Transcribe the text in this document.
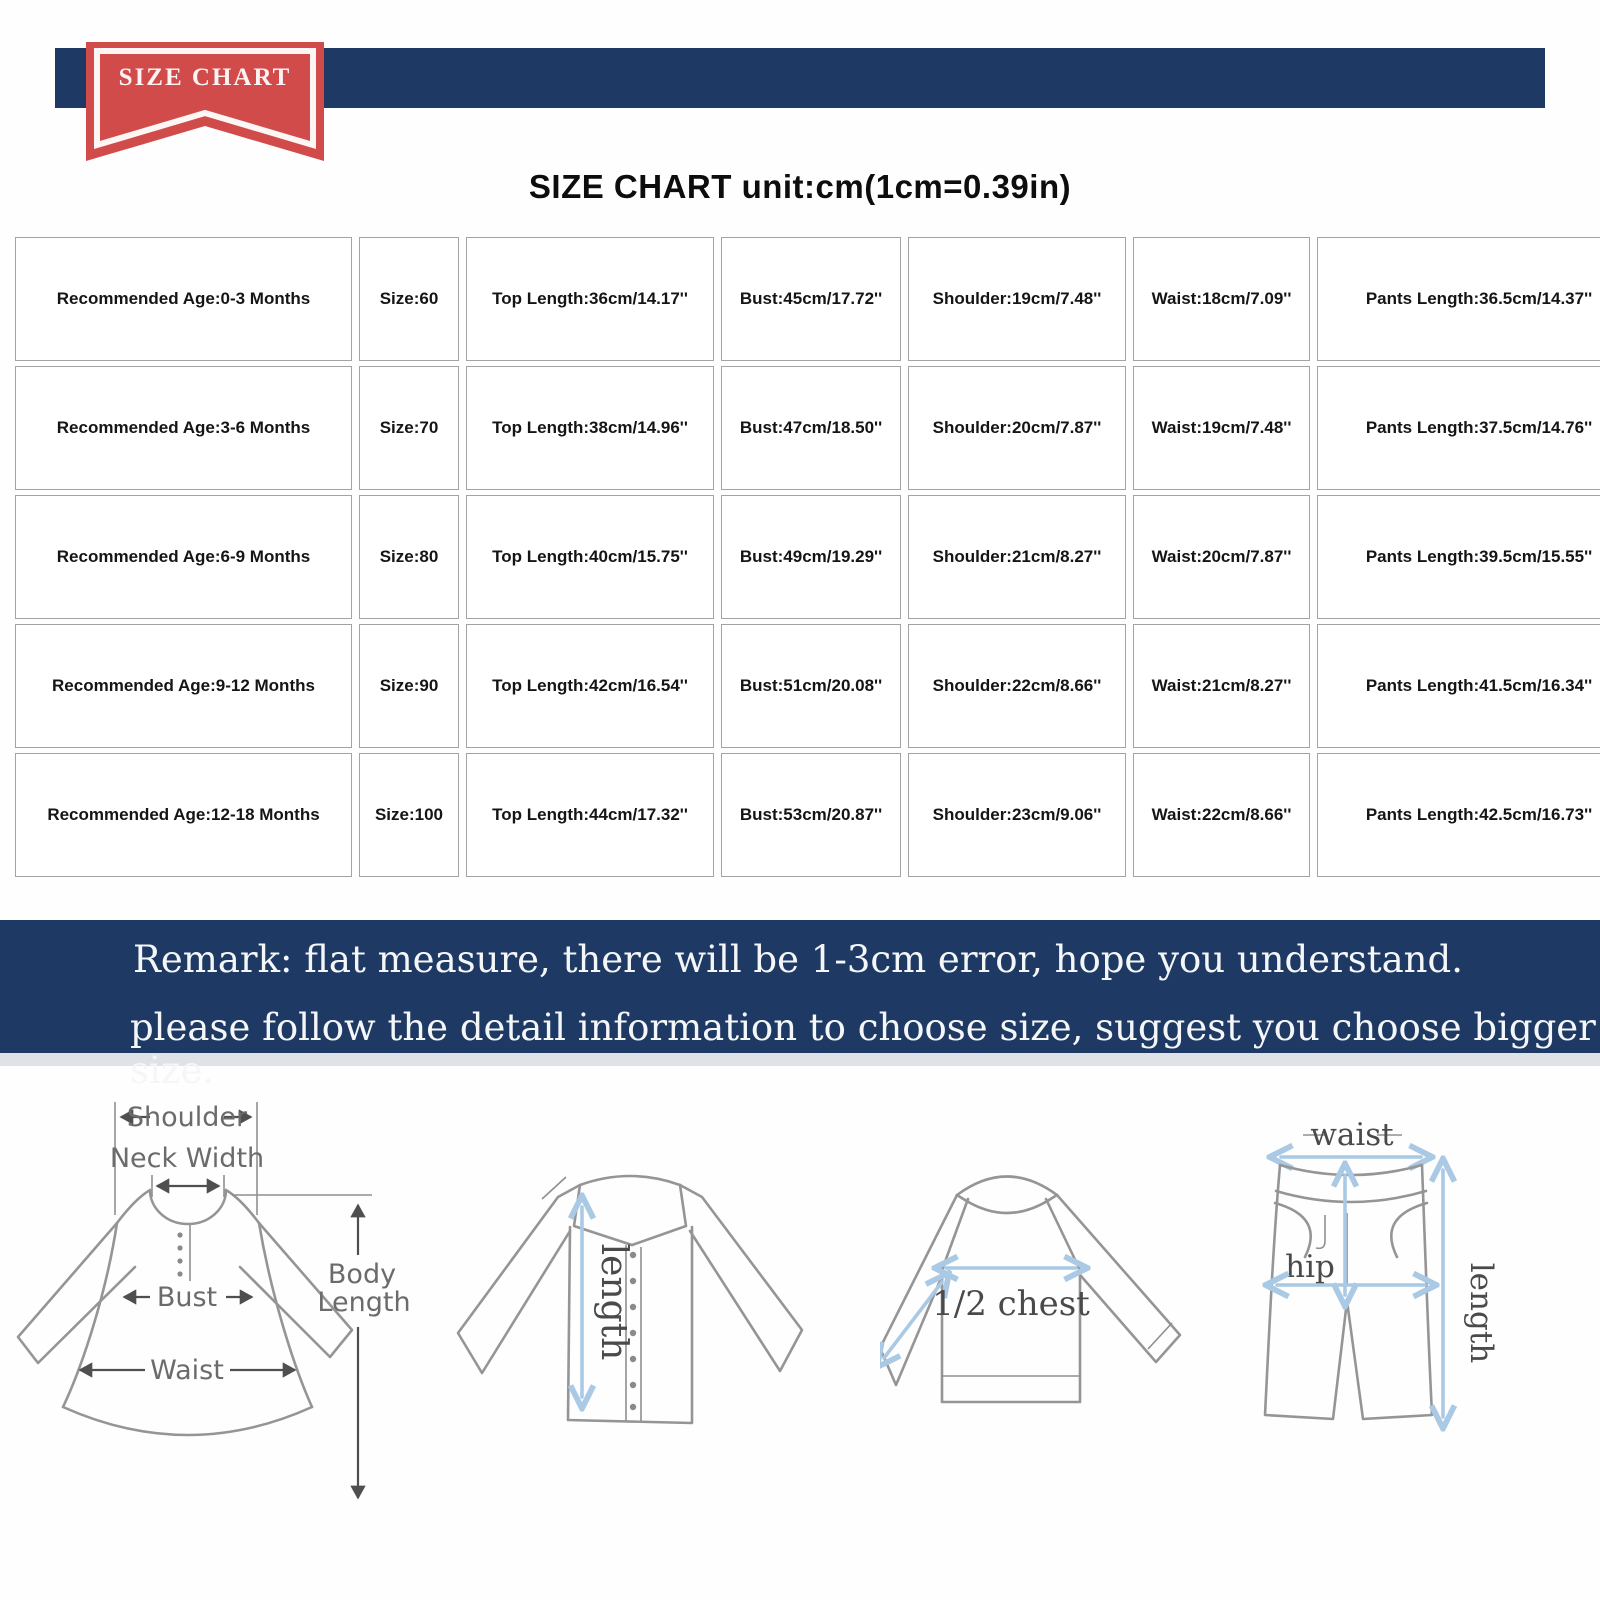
SIZE CHART
SIZE CHART unit:cm(1cm=0.39in)
Recommended Age:0-3 Months	Size:60	Top Length:36cm/14.17''	Bust:45cm/17.72''	Shoulder:19cm/7.48''	Waist:18cm/7.09''	Pants Length:36.5cm/14.37''
Recommended Age:3-6 Months	Size:70	Top Length:38cm/14.96''	Bust:47cm/18.50''	Shoulder:20cm/7.87''	Waist:19cm/7.48''	Pants Length:37.5cm/14.76''
Recommended Age:6-9 Months	Size:80	Top Length:40cm/15.75''	Bust:49cm/19.29''	Shoulder:21cm/8.27''	Waist:20cm/7.87''	Pants Length:39.5cm/15.55''
Recommended Age:9-12 Months	Size:90	Top Length:42cm/16.54''	Bust:51cm/20.08''	Shoulder:22cm/8.66''	Waist:21cm/8.27''	Pants Length:41.5cm/16.34''
Recommended Age:12-18 Months	Size:100	Top Length:44cm/17.32''	Bust:53cm/20.87''	Shoulder:23cm/9.06''	Waist:22cm/8.66''	Pants Length:42.5cm/16.73''

Remark: flat measure, there will be 1-3cm error, hope you understand.

please follow the detail information to choose size, suggest you choose bigger size.

Shoulder
Neck Width
Bust
Waist
Body
Length	length	1/2 chest
waist
hip	length
